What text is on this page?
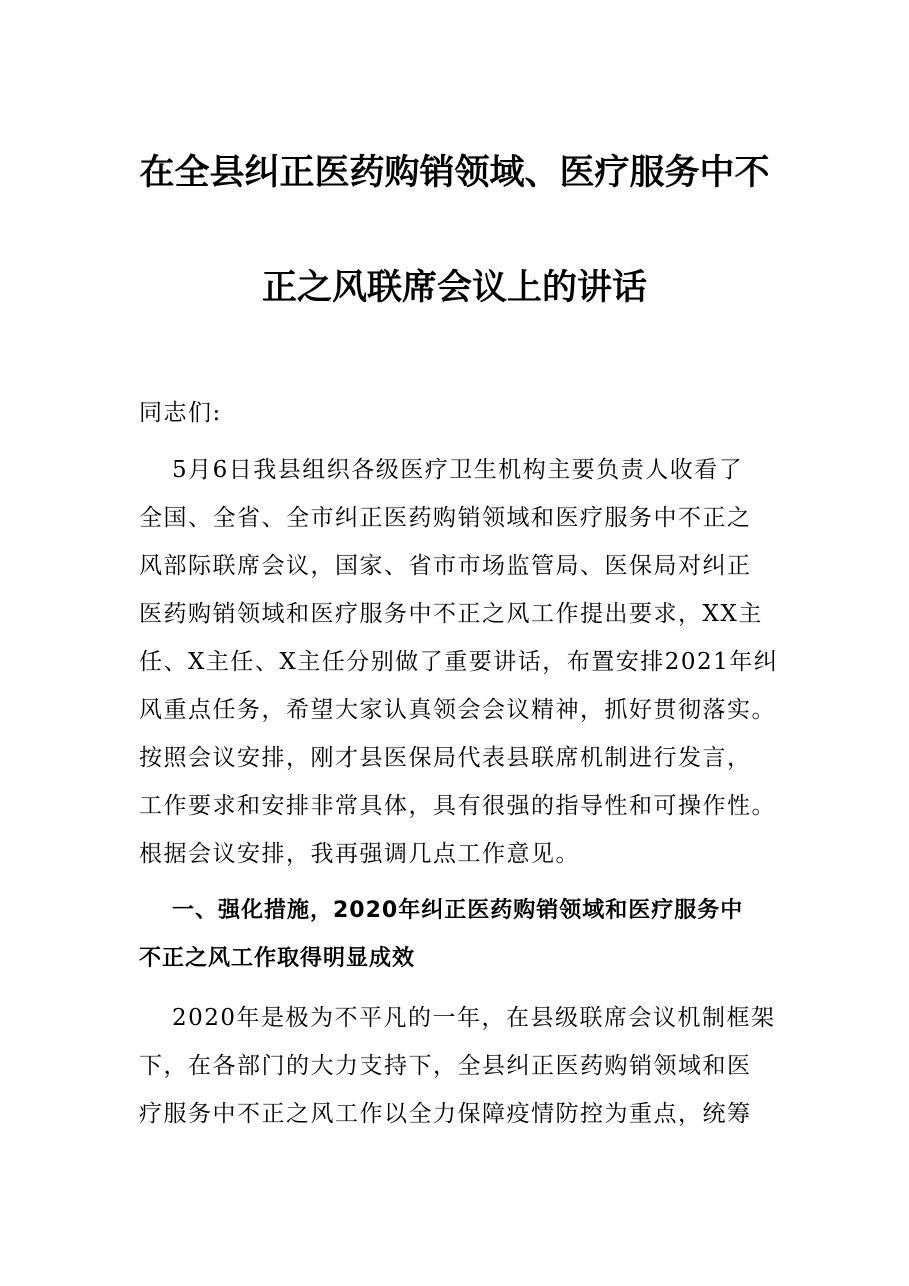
在全县纠正医药购销领域、医疗服务中不
正之风联席会议上的讲话

同志们:

5月6日我县组织各级医疗卫生机构主要负责人收看了

全国、全省、全市纠正医药购销领域和医疗服务中不正之

风部际联席会议，国家、省市市场监管局、医保局对纠正

医药购销领域和医疗服务中不正之风工作提出要求，XX主

任、X主任、X主任分别做了重要讲话，布置安排2021年纠

风重点任务，希望大家认真领会会议精神，抓好贯彻落实。

按照会议安排，刚才县医保局代表县联席机制进行发言，

工作要求和安排非常具体，具有很强的指导性和可操作性。

根据会议安排，我再强调几点工作意见。

一、强化措施，2020年纠正医药购销领域和医疗服务中

不正之风工作取得明显成效

2020年是极为不平凡的一年，在县级联席会议机制框架

下，在各部门的大力支持下，全县纠正医药购销领域和医

疗服务中不正之风工作以全力保障疫情防控为重点，统筹
